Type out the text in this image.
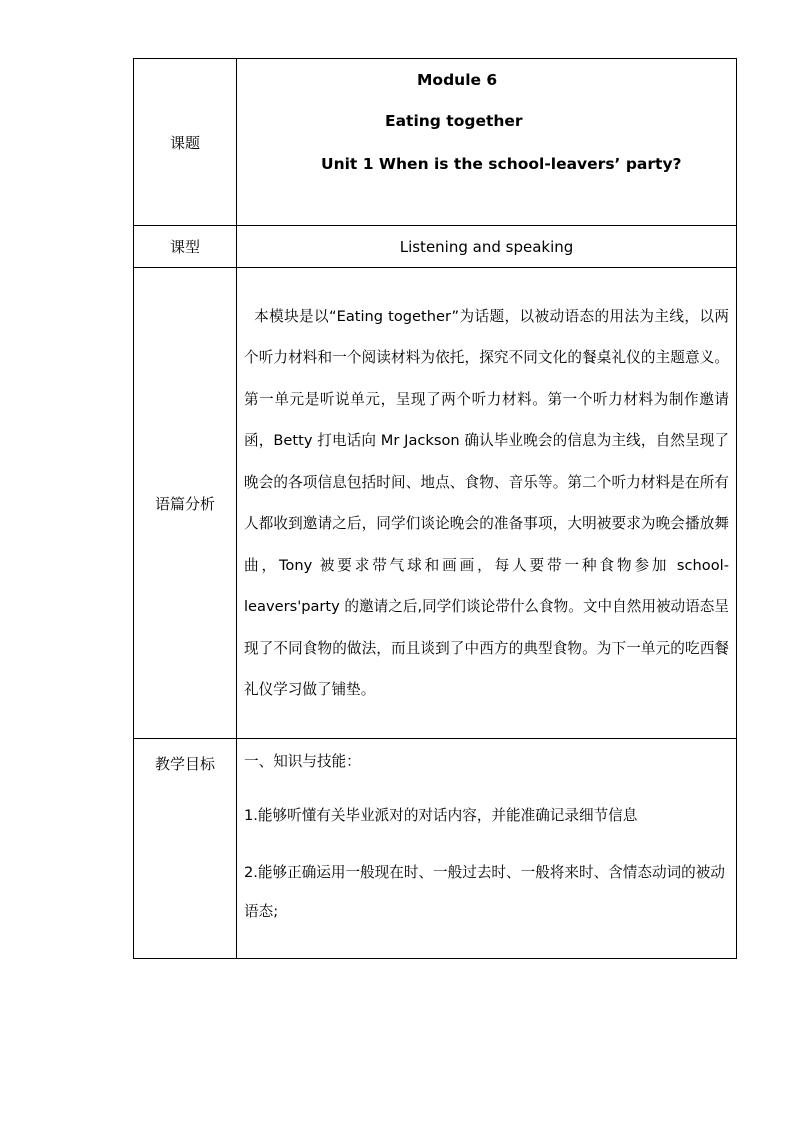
课题	Module 6
Eating together
Unit 1 When is the school-leavers’ party?

课型	Listening and speaking
语篇分析	本模块是以“Eating together”为话题，以被动语态的用法为主线，以两个听力材料和一个阅读材料为依托，探究不同文化的餐桌礼仪的主题意义。第一单元是听说单元，呈现了两个听力材料。第一个听力材料为制作邀请函，Betty 打电话向 Mr Jackson 确认毕业晚会的信息为主线，自然呈现了晚会的各项信息包括时间、地点、食物、音乐等。第二个听力材料是在所有人都收到邀请之后，同学们谈论晚会的准备事项，大明被要求为晚会播放舞曲，Tony 被要求带气球和画画，每人要带一种食物参加 school-leavers'party 的邀请之后,同学们谈论带什么食物。文中自然用被动语态呈现了不同食物的做法，而且谈到了中西方的典型食物。为下一单元的吃西餐礼仪学习做了铺垫。

教学目标	一、知识与技能：
1.能够听懂有关毕业派对的对话内容，并能准确记录细节信息
2.能够正确运用一般现在时、一般过去时、一般将来时、含情态动词的被动语态;
